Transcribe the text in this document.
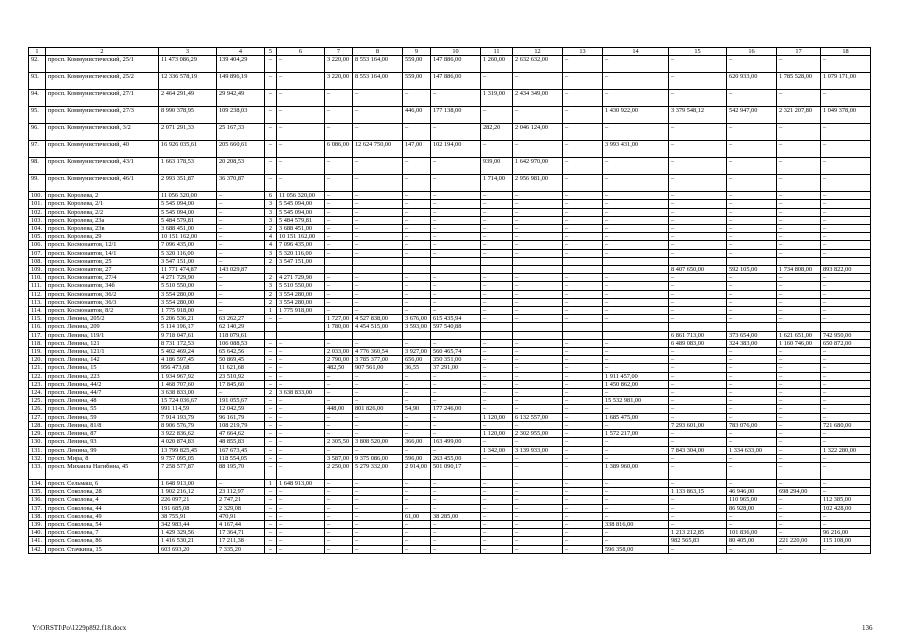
1	2	3	4	5	6	7	8	9	10	11	12	13	14	15	16	17	18
92.	просп. Коммунистический, 25/1	11 473 086,29	139 404,29	–	–	3 220,00	8 553 164,00	559,00	147 886,00	1 260,00	2 632 632,00	–	–	–	–	–	–
93.	просп. Коммунистический, 25/2	12 336 578,19	149 896,19	–	–	3 220,00	8 553 164,00	559,00	147 886,00	–	–	–	–	–	620 933,00	1 785 528,00	1 079 171,00
94.	просп. Коммунистический, 27/1	2 464 291,49	29 942,49	–	–	–	–	–	–	1 319,00	2 434 349,00	–	–	–	–	–	–
95.	просп. Коммунистический, 27/3	8 990 378,95	109 238,03	–	–	–	–	446,00	177 138,00	–	–	–	1 430 922,00	3 379 548,12	542 947,00	2 321 207,80	1 049 378,00
96.	просп. Коммунистический, 3/2	2 071 291,33	25 167,33	–	–	–	–	–	–	282,20	2 046 124,00	–	–	–	–	–	–
97.	просп. Коммунистический, 40	16 926 035,61	205 660,61	–	–	6 086,00	12 624 750,00	147,00	102 194,00	–	–	–	3 993 431,00	–	–	–	–
98.	просп. Коммунистический, 43/1	1 663 178,53	20 208,53	–	–	–	–	–	–	939,00	1 642 970,00	–	–	–	–	–	–
99.	просп. Коммунистический, 46/1	2 993 351,87	36 370,87	–	–	–	–	–	–	1 714,00	2 956 981,00	–	–	–	–	–	–
100.	просп. Королева, 2	11 056 320,00	–	6	11 056 320,00	–	–	–	–	–	–	–	–	–	–	–	–
101.	просп. Королева, 2/1	5 545 094,00	–	3	5 545 094,00	–	–	–	–	–	–	–	–	–	–	–	–
102.	просп. Королева, 2/2	5 545 094,00	–	3	5 545 094,00	–	–	–	–	–	–	–	–	–	–	–	–
103.	просп. Королева, 23а	5 484 579,81	–	3	5 484 579,81	–	–	–	–	–	–	–	–	–	–	–	–
104.	просп. Королева, 23в	3 688 451,00	–	2	3 688 451,00	–	–	–	–	–	–	–	–	–	–	–	–
105.	просп. Королева, 29	10 151 162,00	–	4	10 151 162,00	–	–	–	–	–	–	–	–	–	–	–	–
106.	просп. Космонавтов, 12/1	7 096 435,00	–	4	7 096 435,00	–	–	–	–	–	–	–	–	–	–	–	–
107.	просп. Космонавтов, 14/1	5 320 116,00	–	3	5 320 116,00	–	–	–	–	–	–	–	–	–	–	–	–
108.	просп. Космонавтов, 25	3 547 151,00	–	2	3 547 151,00												
109.	просп. Космонавтов, 27	11 771 474,87	143 029,87											8 407 650,00	592 105,00	1 734 808,00	893 822,00
110.	просп. Космонавтов, 27/4	4 271 729,90	–	2	4 271 729,90	–	–	–	–	–	–	–	–	–	–	–	–
111.	просп. Космонавтов, 34б	5 510 550,00	–	3	5 510 550,00	–	–	–	–	–	–	–	–	–	–	–	–
112.	просп. Космонавтов, 36/2	3 554 280,00	–	2	3 554 280,00	–	–	–	–	–	–	–	–	–	–	–	–
113.	просп. Космонавтов, 36/3	3 554 280,00	–	2	3 554 280,00	–	–	–	–	–	–	–	–	–	–	–	–
114.	просп. Космонавтов, 8/2	1 775 918,00	–	1	1 775 918,00	–	–	–	–	–	–	–	–	–	–	–	–
115.	просп. Ленина, 205/2	5 206 536,21	63 262,27	–	–	1 727,00	4 527 838,00	3 676,00	615 435,94	–	–	–	–	–	–	–	–
116.	просп. Ленина, 209	5 114 196,17	62 140,29			1 780,00	4 454 515,00	3 593,00	597 540,88								
117.	просп. Ленина, 119/1	9 718 047,61	118 079,61											6 861 713,00	373 654,00	1 621 651,00	742 950,00
118.	просп. Ленина, 121	8 731 172,53	106 088,53	–	–	–	–	–	–	–	–	–	–	6 489 083,00	324 383,00	1 160 746,00	650 872,00
119.	просп. Ленина, 121/1	5 402 469,24	65 642,56	–	–	2 033,00	4 776 360,54	3 927,00	560 465,74	–	–	–	–	–	–	–	–
120.	просп. Ленина, 142	4 186 597,45	50 869,45	–	–	2 790,00	3 785 377,00	656,00	350 351,00	–	–	–	–	–	–	–	–
121.	просп. Ленина, 15	956 473,68	11 621,68	–	–	482,50	907 561,00	36,55	37 291,00	–	–	–	–	–	–	–	–
122.	просп. Ленина, 223	1 934 967,92	23 510,92	–	–	–	–	–	–	–	–	–	1 911 457,00	–	–	–	–
123.	просп. Ленина, 44/2	1 468 707,60	17 845,60	–	–	–	–	–	–	–	–	–	1 450 862,00	–	–	–	–
124.	просп. Ленина, 44/7	3 638 833,00	–	2	3 638 833,00	–	–	–	–	–	–	–	–	–	–	–	–
125.	просп. Ленина, 48	15 724 036,67	191 055,67	–	–	–	–	–	–	–	–	–	15 532 981,00	–	–	–	–
126.	просп. Ленина, 55	991 114,59	12 042,59	–	–	448,00	801 826,00	54,90	177 246,00	–	–	–	–	–	–	–	–
127.	просп. Ленина, 59	7 914 193,79	96 161,79	–	–	–	–	–	–	1 120,00	6 132 557,00	–	1 685 475,00	–	–	–	–
128.	просп. Ленина, 81/8	8 906 576,79	108 219,79	–	–	–	–	–	–	–	–	–	–	7 293 601,00	783 076,00	–	721 680,00
129.	просп. Ленина, 87	3 922 836,62	47 664,62	–	–	–	–	–	–	1 120,00	2 302 955,00	–	1 572 217,00	–	–	–	–
130.	просп. Ленина, 93	4 020 874,83	48 855,83	–	–	2 305,50	3 808 520,00	366,00	163 499,00	–	–	–	–	–	–	–	–
131.	просп. Ленина, 99	13 799 825,45	167 673,45	–	–	–	–	–	–	1 342,00	3 139 933,00	–	–	7 843 304,00	1 334 633,00	–	1 322 280,00
132.	просп. Мира, 8	9 757 095,05	118 554,05	–	–	3 587,00	9 375 086,00	596,00	263 455,00	–	–	–	–	–	–	–	–
133.	просп. Михаила Нагибина, 45	7 258 577,87	88 195,70	–	–	2 250,00	5 279 332,00	2 914,00	501 090,17	–	–	–	1 389 960,00	–	–	–	–
134.	просп. Сельмаш, 6	1 648 913,00	–	1	1 648 913,00	–	–	–	–	–	–	–	–	–	–	–	–
135.	просп. Соколова, 28	1 902 216,12	23 112,97	–	–	–	–	–	–	–	–	–	–	1 133 863,15	46 946,00	698 294,00	–
136.	просп. Соколова, 4	226 097,21	2 747,21	–	–	–	–	–	–	–	–	–	–	–	110 965,00	–	112 385,00
137.	просп. Соколова, 44	191 685,08	2 329,08	–	–	–	–	–	–	–	–	–	–	–	86 928,00	–	102 428,00
138.	просп. Соколова, 49	38 755,91	470,91	–	–	–	–	61,00	38 285,00	–	–	–	–	–	–	–	–
139.	просп. Соколова, 54	342 983,44	4 167,44	–	–	–	–	–	–	–	–	–	338 816,00	–	–	–	–
140.	просп. Соколова, 7	1 429 329,56	17 364,71	–	–	–	–	–	–	–	–	–	–	1 213 212,85	101 836,00	–	96 216,00
141.	просп. Соколова, 86	1 416 530,21	17 211,38	–	–	–	–	–	–	–	–	–	–	982 565,83	80 405,00	221 220,00	115 108,00
142.	просп. Стачкина, 15	603 693,20	7 335,20	–	–	–	–	–	–	–	–	–	596 358,00	–	–	–	–
Y:\ORSTI\Po\1229p892.f18.docx	136
